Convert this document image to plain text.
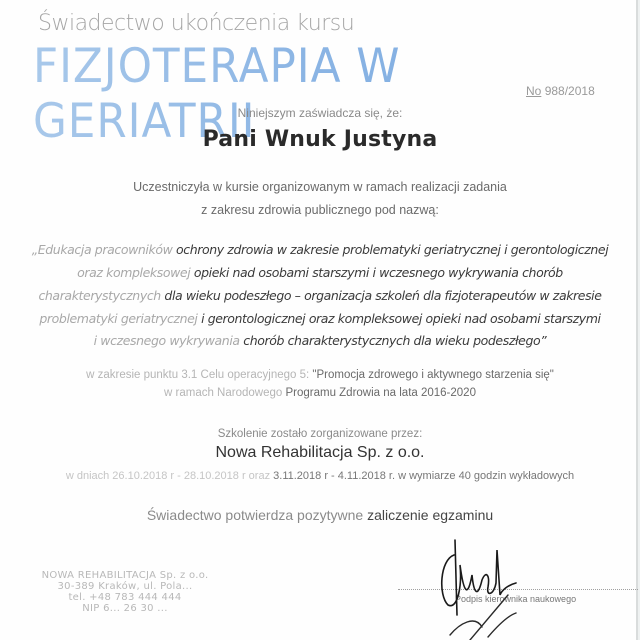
Świadectwo ukończenia kursu
FIZJOTERAPIA W GERIATRII
No 988/2018
Niniejszym zaświadcza się, że:
Pani Wnuk Justyna
Uczestniczyła w kursie organizowanym w ramach realizacji zadania
z zakresu zdrowia publicznego pod nazwą:
„Edukacja pracowników ochrony zdrowia w zakresie problematyki geriatrycznej i gerontologicznej
oraz kompleksowej opieki nad osobami starszymi i wczesnego wykrywania chorób
charakterystycznych dla wieku podeszłego – organizacja szkoleń dla fizjoterapeutów w zakresie
problematyki geriatrycznej i gerontologicznej oraz kompleksowej opieki nad osobami starszymi
i wczesnego wykrywania chorób charakterystycznych dla wieku podeszłego”
w zakresie punktu 3.1 Celu operacyjnego 5: "Promocja zdrowego i aktywnego starzenia się"
w ramach Narodowego Programu Zdrowia na lata 2016-2020
Szkolenie zostało zorganizowane przez:
Nowa Rehabilitacja Sp. z o.o.
w dniach 26.10.2018 r - 28.10.2018 r oraz 3.11.2018 r - 4.11.2018 r. w wymiarze 40 godzin wykładowych
Świadectwo potwierdza pozytywne zaliczenie egzaminu
NOWA REHABILITACJA Sp. z o.o.
30-389 Kraków, ul. Pola...
tel. +48 783 444 444
NIP 6... 26 30 ...
Podpis kierownika naukowego
